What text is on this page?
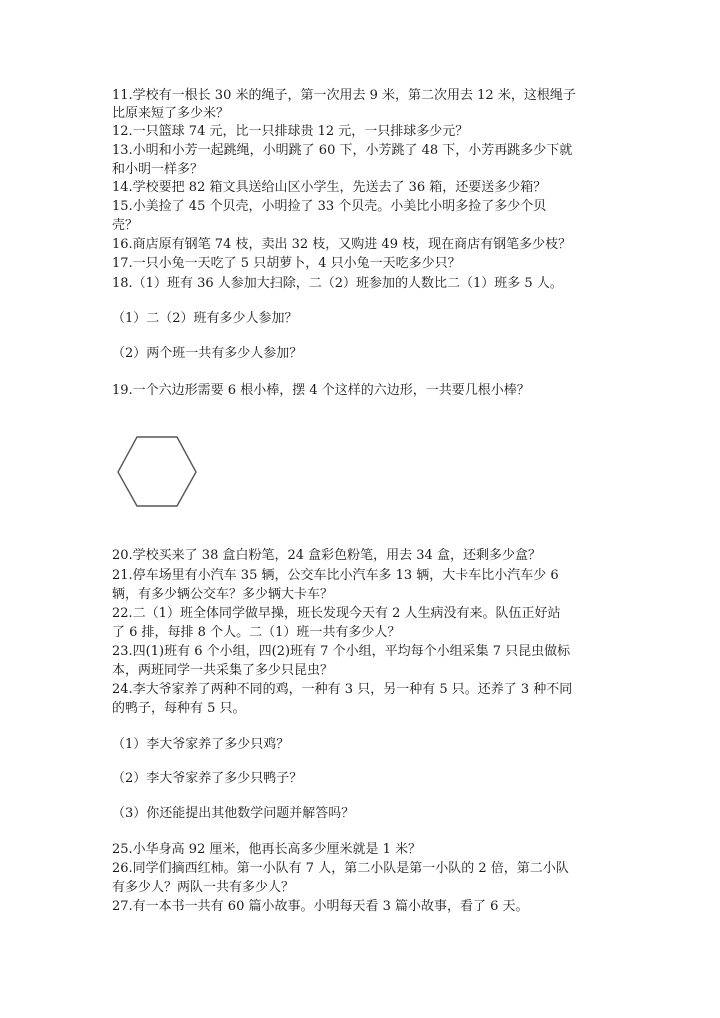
11.学校有一根长 30 米的绳子，第一次用去 9 米，第二次用去 12 米，这根绳子
比原来短了多少米？
12.一只篮球 74 元，比一只排球贵 12 元，一只排球多少元？
13.小明和小芳一起跳绳，小明跳了 60 下，小芳跳了 48 下，小芳再跳多少下就
和小明一样多？
14.学校要把 82 箱文具送给山区小学生，先送去了 36 箱，还要送多少箱？
15.小美捡了 45 个贝壳，小明捡了 33 个贝壳。小美比小明多捡了多少个贝
壳？
16.商店原有钢笔 74 枝，卖出 32 枝，又购进 49 枝，现在商店有钢笔多少枝？
17.一只小兔一天吃了 5 只胡萝卜，4 只小兔一天吃多少只？
18.（1）班有 36 人参加大扫除，二（2）班参加的人数比二（1）班多 5 人。
（1）二（2）班有多少人参加？
（2）两个班一共有多少人参加？
19.一个六边形需要 6 根小棒，摆 4 个这样的六边形，一共要几根小棒？
20.学校买来了 38 盒白粉笔，24 盒彩色粉笔，用去 34 盒，还剩多少盒？
21.停车场里有小汽车 35 辆，公交车比小汽车多 13 辆，大卡车比小汽车少 6
辆，有多少辆公交车？多少辆大卡车？
22.二（1）班全体同学做早操，班长发现今天有 2 人生病没有来。队伍正好站
了 6 排，每排 8 个人。二（1）班一共有多少人？
23.四(1)班有 6 个小组，四(2)班有 7 个小组，平均每个小组采集 7 只昆虫做标
本，两班同学一共采集了多少只昆虫？
24.李大爷家养了两种不同的鸡，一种有 3 只，另一种有 5 只。还养了 3 种不同
的鸭子，每种有 5 只。
（1）李大爷家养了多少只鸡？
（2）李大爷家养了多少只鸭子？
（3）你还能提出其他数学问题并解答吗？
25.小华身高 92 厘米，他再长高多少厘米就是 1 米？
26.同学们摘西红柿。第一小队有 7 人，第二小队是第一小队的 2 倍，第二小队
有多少人？两队一共有多少人？
27.有一本书一共有 60 篇小故事。小明每天看 3 篇小故事，看了 6 天。
